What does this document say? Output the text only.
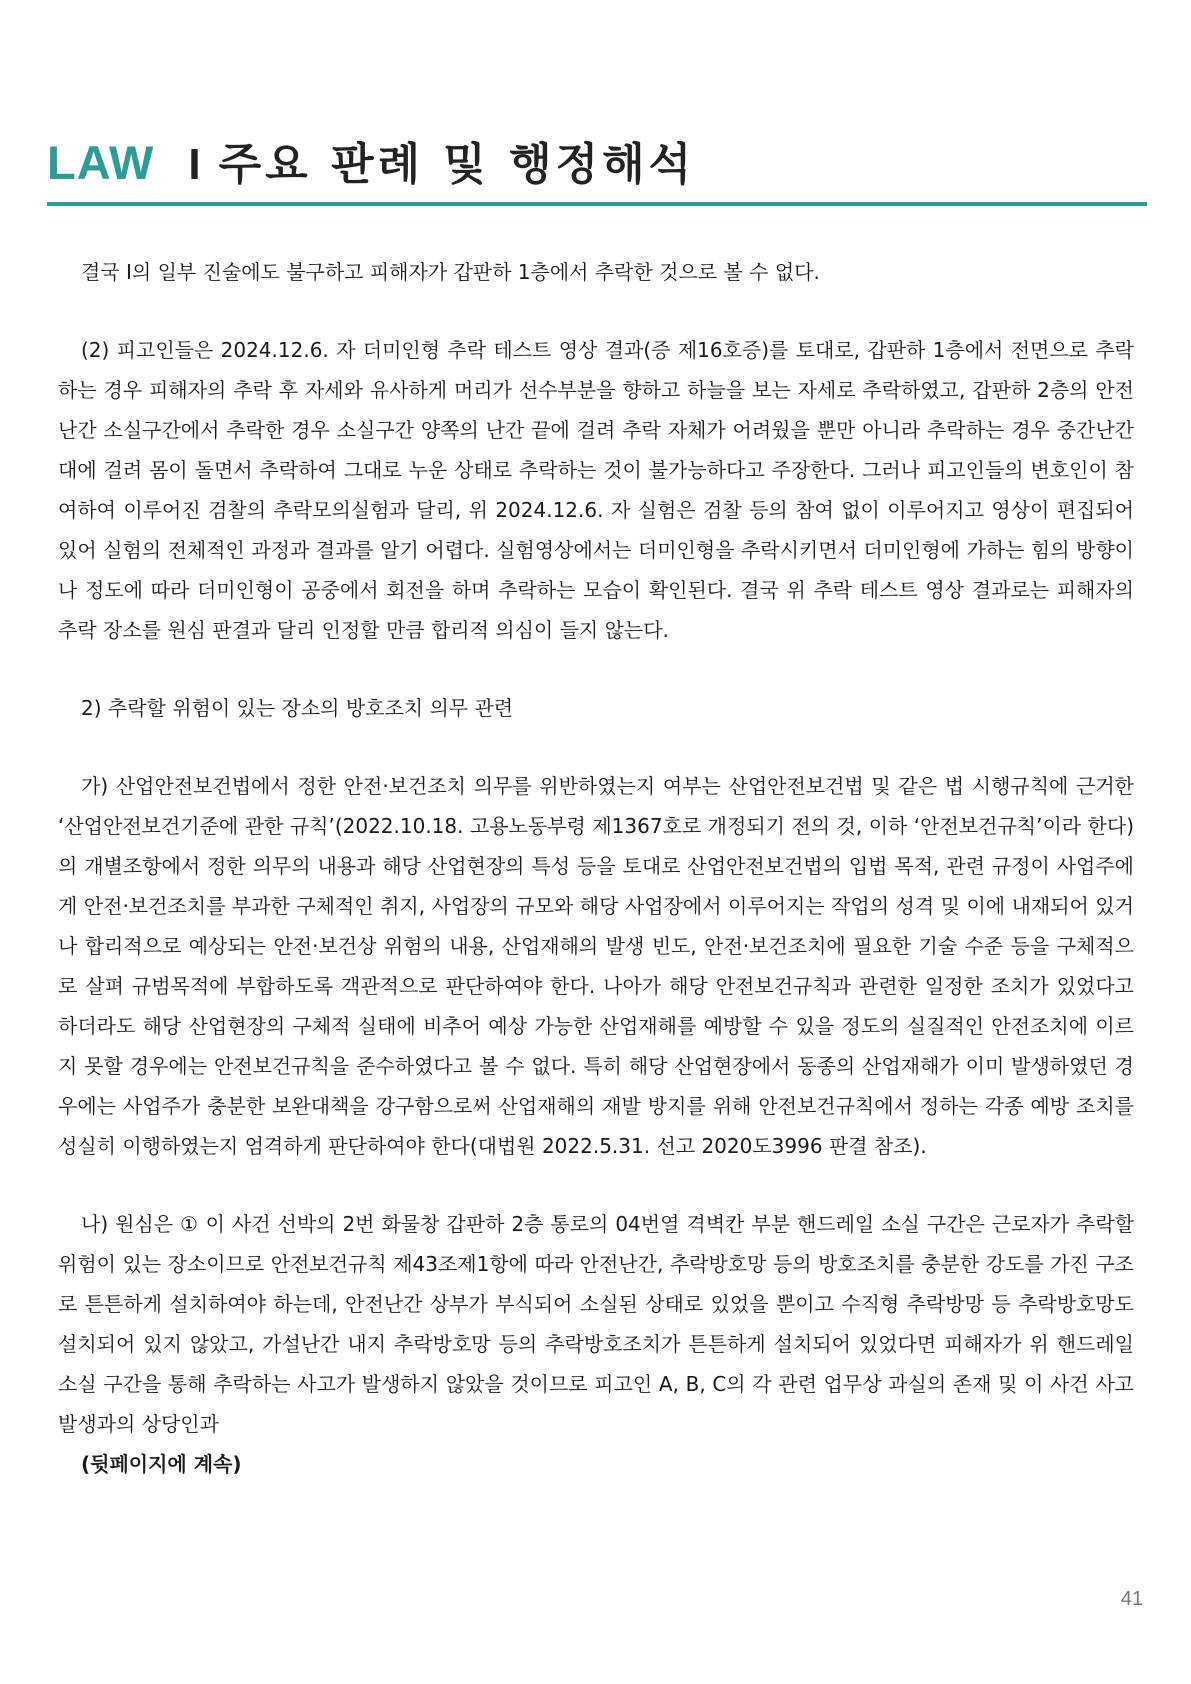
LAW I 주요 판례 및 행정해석

결국 I의 일부 진술에도 불구하고 피해자가 갑판하 1층에서 추락한 것으로 볼 수 없다.

(2) 피고인들은 2024.12.6. 자 더미인형 추락 테스트 영상 결과(증 제16호증)를 토대로, 갑판하 1층에서 전면으로 추락하는 경우 피해자의 추락 후 자세와 유사하게 머리가 선수부분을 향하고 하늘을 보는 자세로 추락하였고, 갑판하 2층의 안전난간 소실구간에서 추락한 경우 소실구간 양쪽의 난간 끝에 걸려 추락 자체가 어려웠을 뿐만 아니라 추락하는 경우 중간난간대에 걸려 몸이 돌면서 추락하여 그대로 누운 상태로 추락하는 것이 불가능하다고 주장한다. 그러나 피고인들의 변호인이 참여하여 이루어진 검찰의 추락모의실험과 달리, 위 2024.12.6. 자 실험은 검찰 등의 참여 없이 이루어지고 영상이 편집되어 있어 실험의 전체적인 과정과 결과를 알기 어렵다. 실험영상에서는 더미인형을 추락시키면서 더미인형에 가하는 힘의 방향이나 정도에 따라 더미인형이 공중에서 회전을 하며 추락하는 모습이 확인된다. 결국 위 추락 테스트 영상 결과로는 피해자의 추락 장소를 원심 판결과 달리 인정할 만큼 합리적 의심이 들지 않는다.

2) 추락할 위험이 있는 장소의 방호조치 의무 관련

가) 산업안전보건법에서 정한 안전·보건조치 의무를 위반하였는지 여부는 산업안전보건법 및 같은 법 시행규칙에 근거한 ‘산업안전보건기준에 관한 규칙’(2022.10.18. 고용노동부령 제1367호로 개정되기 전의 것, 이하 ‘안전보건규칙’이라 한다)의 개별조항에서 정한 의무의 내용과 해당 산업현장의 특성 등을 토대로 산업안전보건법의 입법 목적, 관련 규정이 사업주에게 안전·보건조치를 부과한 구체적인 취지, 사업장의 규모와 해당 사업장에서 이루어지는 작업의 성격 및 이에 내재되어 있거나 합리적으로 예상되는 안전·보건상 위험의 내용, 산업재해의 발생 빈도, 안전·보건조치에 필요한 기술 수준 등을 구체적으로 살펴 규범목적에 부합하도록 객관적으로 판단하여야 한다. 나아가 해당 안전보건규칙과 관련한 일정한 조치가 있었다고 하더라도 해당 산업현장의 구체적 실태에 비추어 예상 가능한 산업재해를 예방할 수 있을 정도의 실질적인 안전조치에 이르지 못할 경우에는 안전보건규칙을 준수하였다고 볼 수 없다. 특히 해당 산업현장에서 동종의 산업재해가 이미 발생하였던 경우에는 사업주가 충분한 보완대책을 강구함으로써 산업재해의 재발 방지를 위해 안전보건규칙에서 정하는 각종 예방 조치를 성실히 이행하였는지 엄격하게 판단하여야 한다(대법원 2022.5.31. 선고 2020도3996 판결 참조).

나) 원심은 ① 이 사건 선박의 2번 화물창 갑판하 2층 통로의 04번열 격벽칸 부분 핸드레일 소실 구간은 근로자가 추락할 위험이 있는 장소이므로 안전보건규칙 제43조제1항에 따라 안전난간, 추락방호망 등의 방호조치를 충분한 강도를 가진 구조로 튼튼하게 설치하여야 하는데, 안전난간 상부가 부식되어 소실된 상태로 있었을 뿐이고 수직형 추락방망 등 추락방호망도 설치되어 있지 않았고, 가설난간 내지 추락방호망 등의 추락방호조치가 튼튼하게 설치되어 있었다면 피해자가 위 핸드레일 소실 구간을 통해 추락하는 사고가 발생하지 않았을 것이므로 피고인 A, B, C의 각 관련 업무상 과실의 존재 및 이 사건 사고 발생과의 상당인과

(뒷페이지에 계속)

41
